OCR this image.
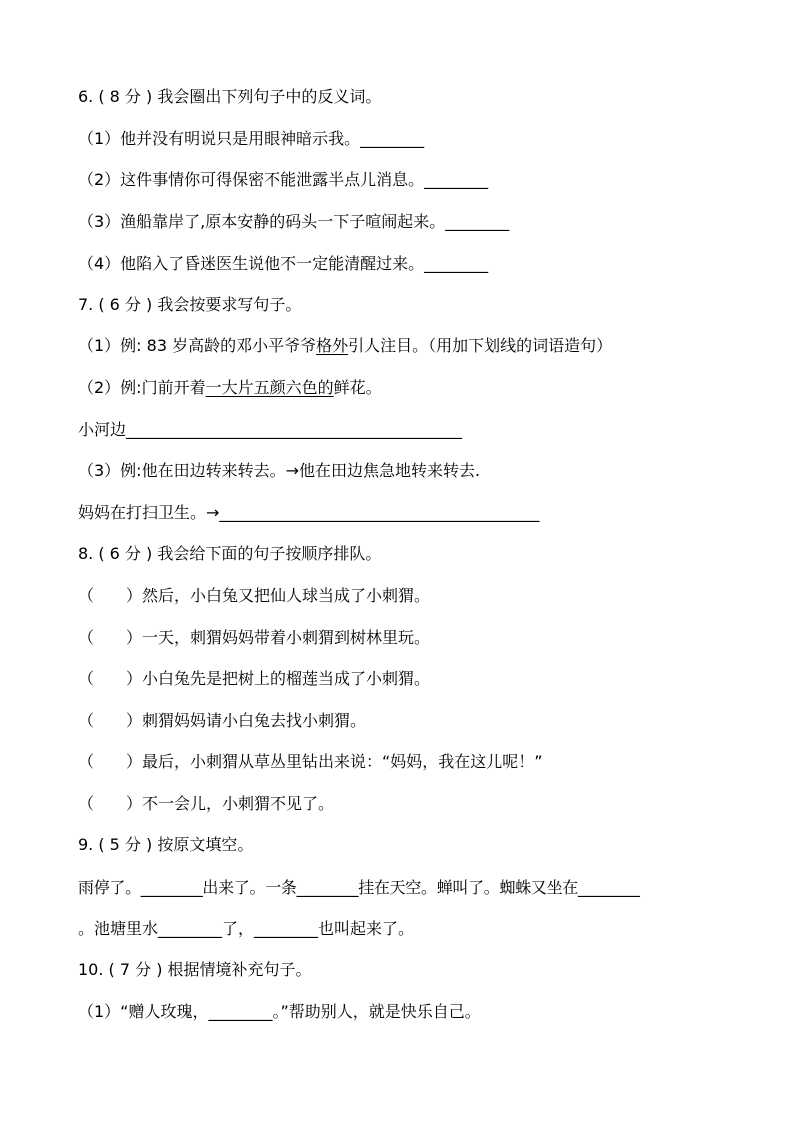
6. ( 8 分 ) 我会圈出下列句子中的反义词。
（1）他并没有明说只是用眼神暗示我。________
（2）这件事情你可得保密不能泄露半点儿消息。________
（3）渔船靠岸了,原本安静的码头一下子喧闹起来。________
（4）他陷入了昏迷医生说他不一定能清醒过来。________
7. ( 6 分 ) 我会按要求写句子。
（1）例: 83 岁高龄的邓小平爷爷格外引人注目。（用加下划线的词语造句）
（2）例:门前开着一大片五颜六色的鲜花。
小河边__________________________________________
（3）例:他在田边转来转去。→他在田边焦急地转来转去.
妈妈在打扫卫生。→________________________________________
8. ( 6 分 ) 我会给下面的句子按顺序排队。
（　　）然后，小白兔又把仙人球当成了小刺猬。
（　　）一天，刺猬妈妈带着小刺猬到树林里玩。
（　　）小白兔先是把树上的榴莲当成了小刺猬。
（　　）刺猬妈妈请小白兔去找小刺猬。
（　　）最后，小刺猬从草丛里钻出来说：“妈妈，我在这儿呢！”
（　　）不一会儿，小刺猬不见了。
9. ( 5 分 ) 按原文填空。
雨停了。________出来了。一条________挂在天空。蝉叫了。蜘蛛又坐在________
。池塘里水________了，________也叫起来了。
10. ( 7 分 ) 根据情境补充句子。
（1）“赠人玫瑰，________。”帮助别人，就是快乐自己。
